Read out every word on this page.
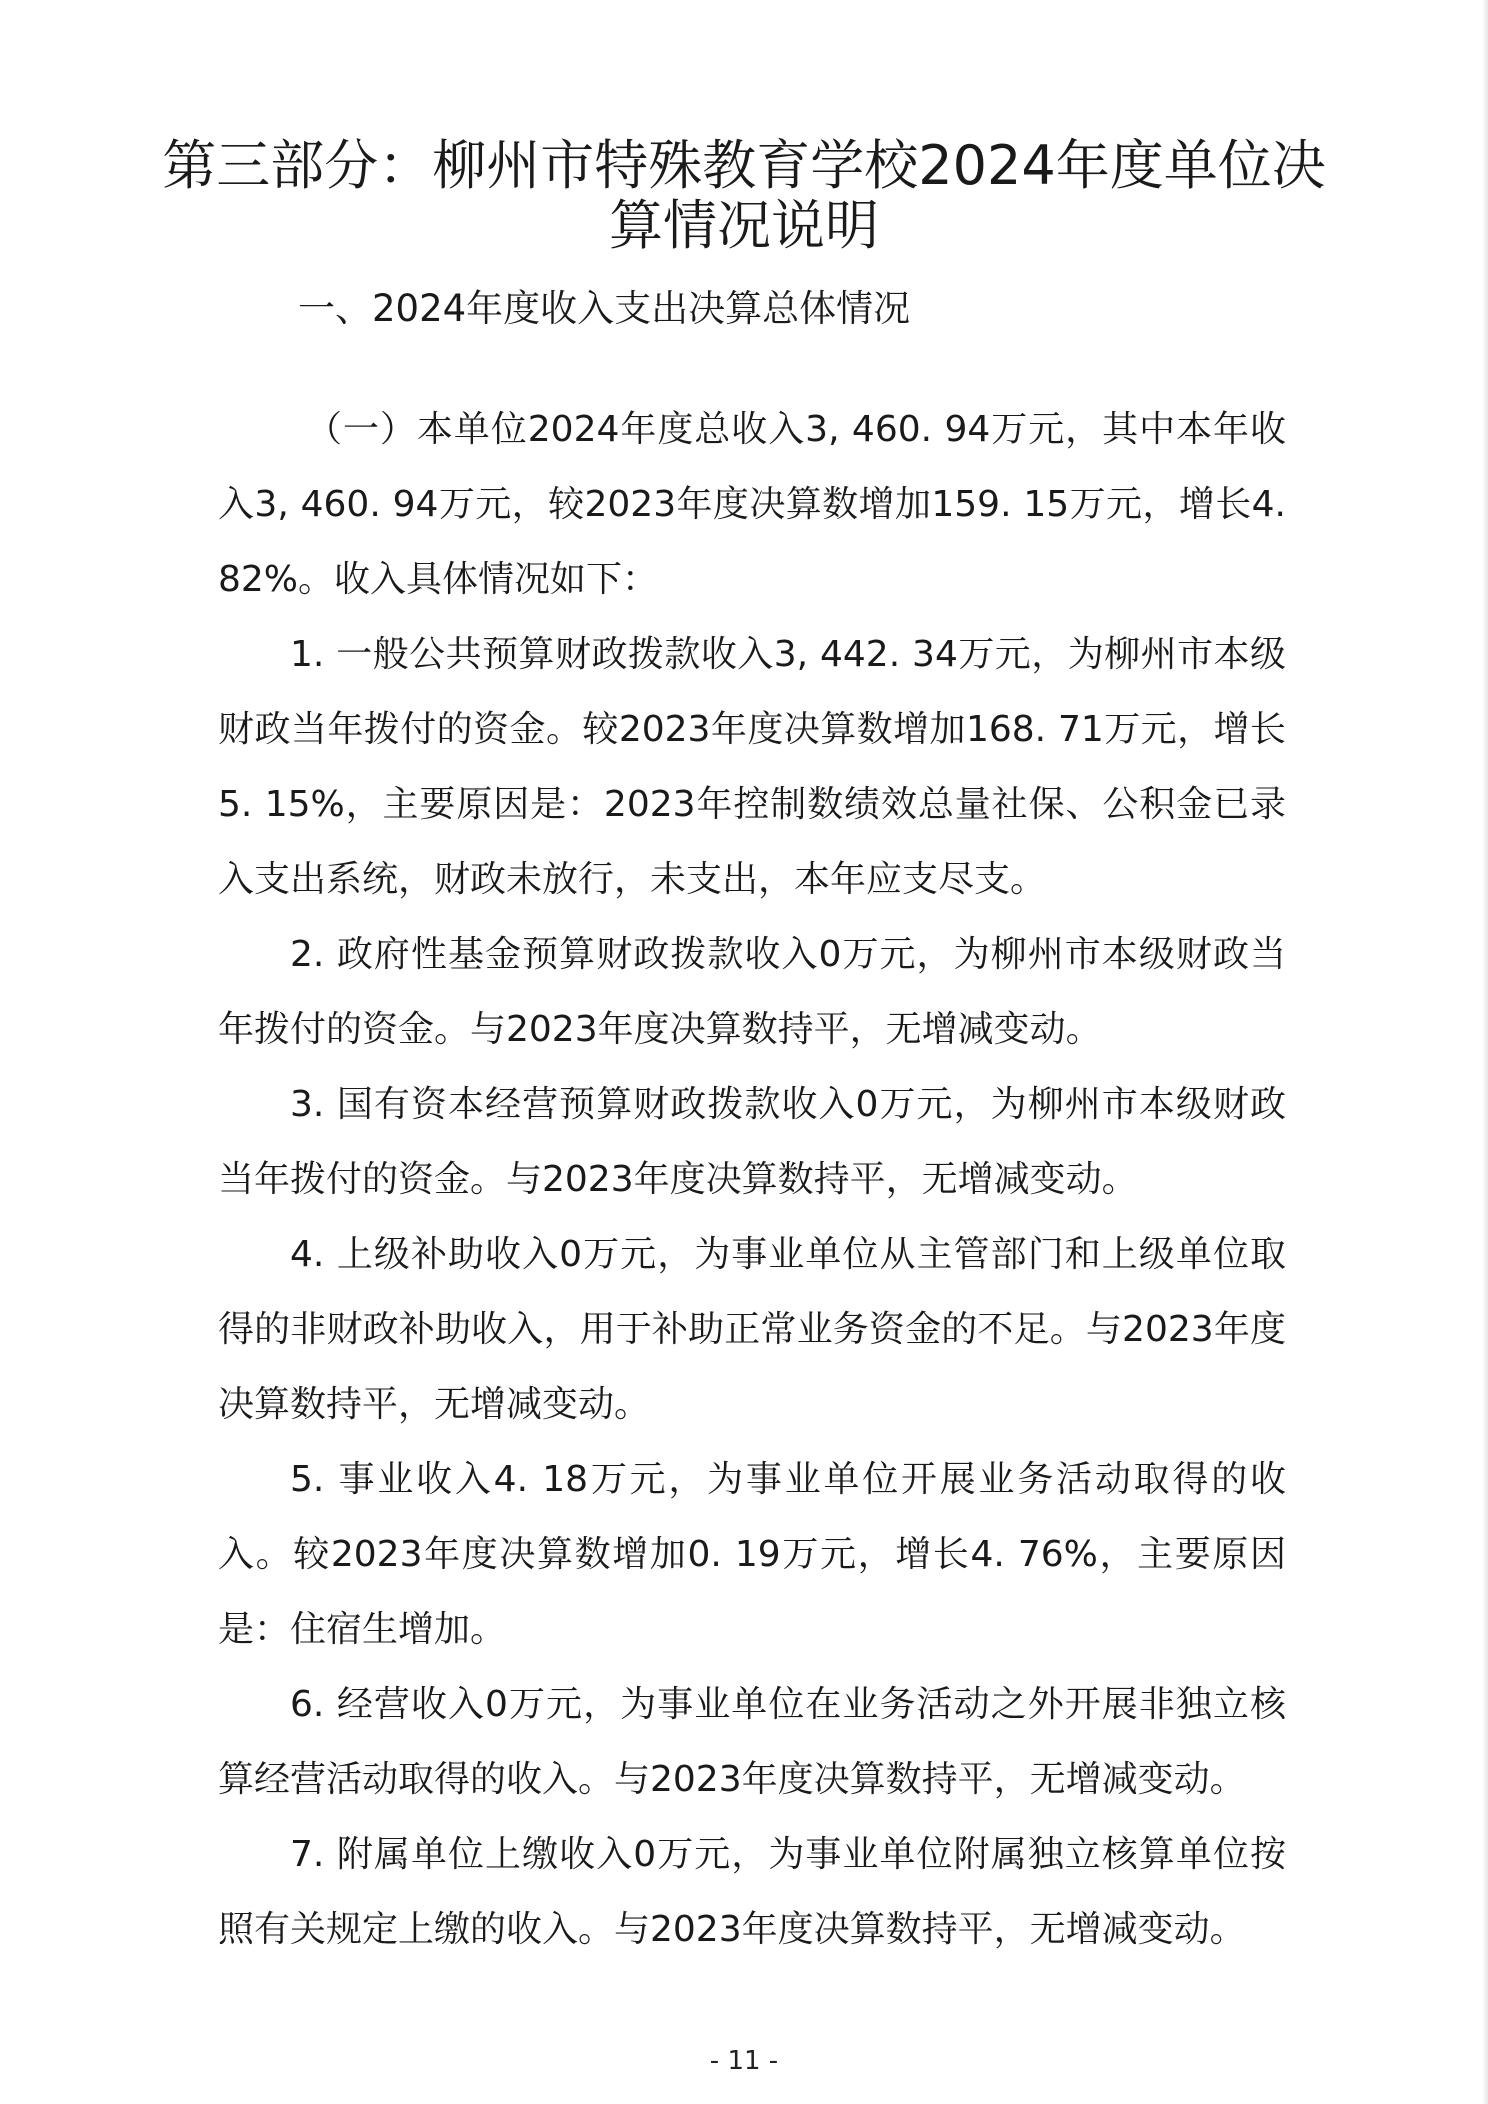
第三部分：柳州市特殊教育学校2024年度单位决算情况说明
一、2024年度收入支出决算总体情况

（一）本单位2024年度总收入3, 460. 94万元，其中本年收入3, 460. 94万元，较2023年度决算数增加159. 15万元，增长4. 82%。收入具体情况如下：

1. 一般公共预算财政拨款收入3, 442. 34万元，为柳州市本级财政当年拨付的资金。较2023年度决算数增加168. 71万元，增长5. 15%，主要原因是：2023年控制数绩效总量社保、公积金已录入支出系统，财政未放行，未支出，本年应支尽支。

2. 政府性基金预算财政拨款收入0万元，为柳州市本级财政当年拨付的资金。与2023年度决算数持平，无增减变动。

3. 国有资本经营预算财政拨款收入0万元，为柳州市本级财政当年拨付的资金。与2023年度决算数持平，无增减变动。

4. 上级补助收入0万元，为事业单位从主管部门和上级单位取得的非财政补助收入，用于补助正常业务资金的不足。与2023年度决算数持平，无增减变动。

5. 事业收入4. 18万元，为事业单位开展业务活动取得的收入。较2023年度决算数增加0. 19万元，增长4. 76%，主要原因是：住宿生增加。

6. 经营收入0万元，为事业单位在业务活动之外开展非独立核算经营活动取得的收入。与2023年度决算数持平，无增减变动。

7. 附属单位上缴收入0万元，为事业单位附属独立核算单位按照有关规定上缴的收入。与2023年度决算数持平，无增减变动。

- 11 -
